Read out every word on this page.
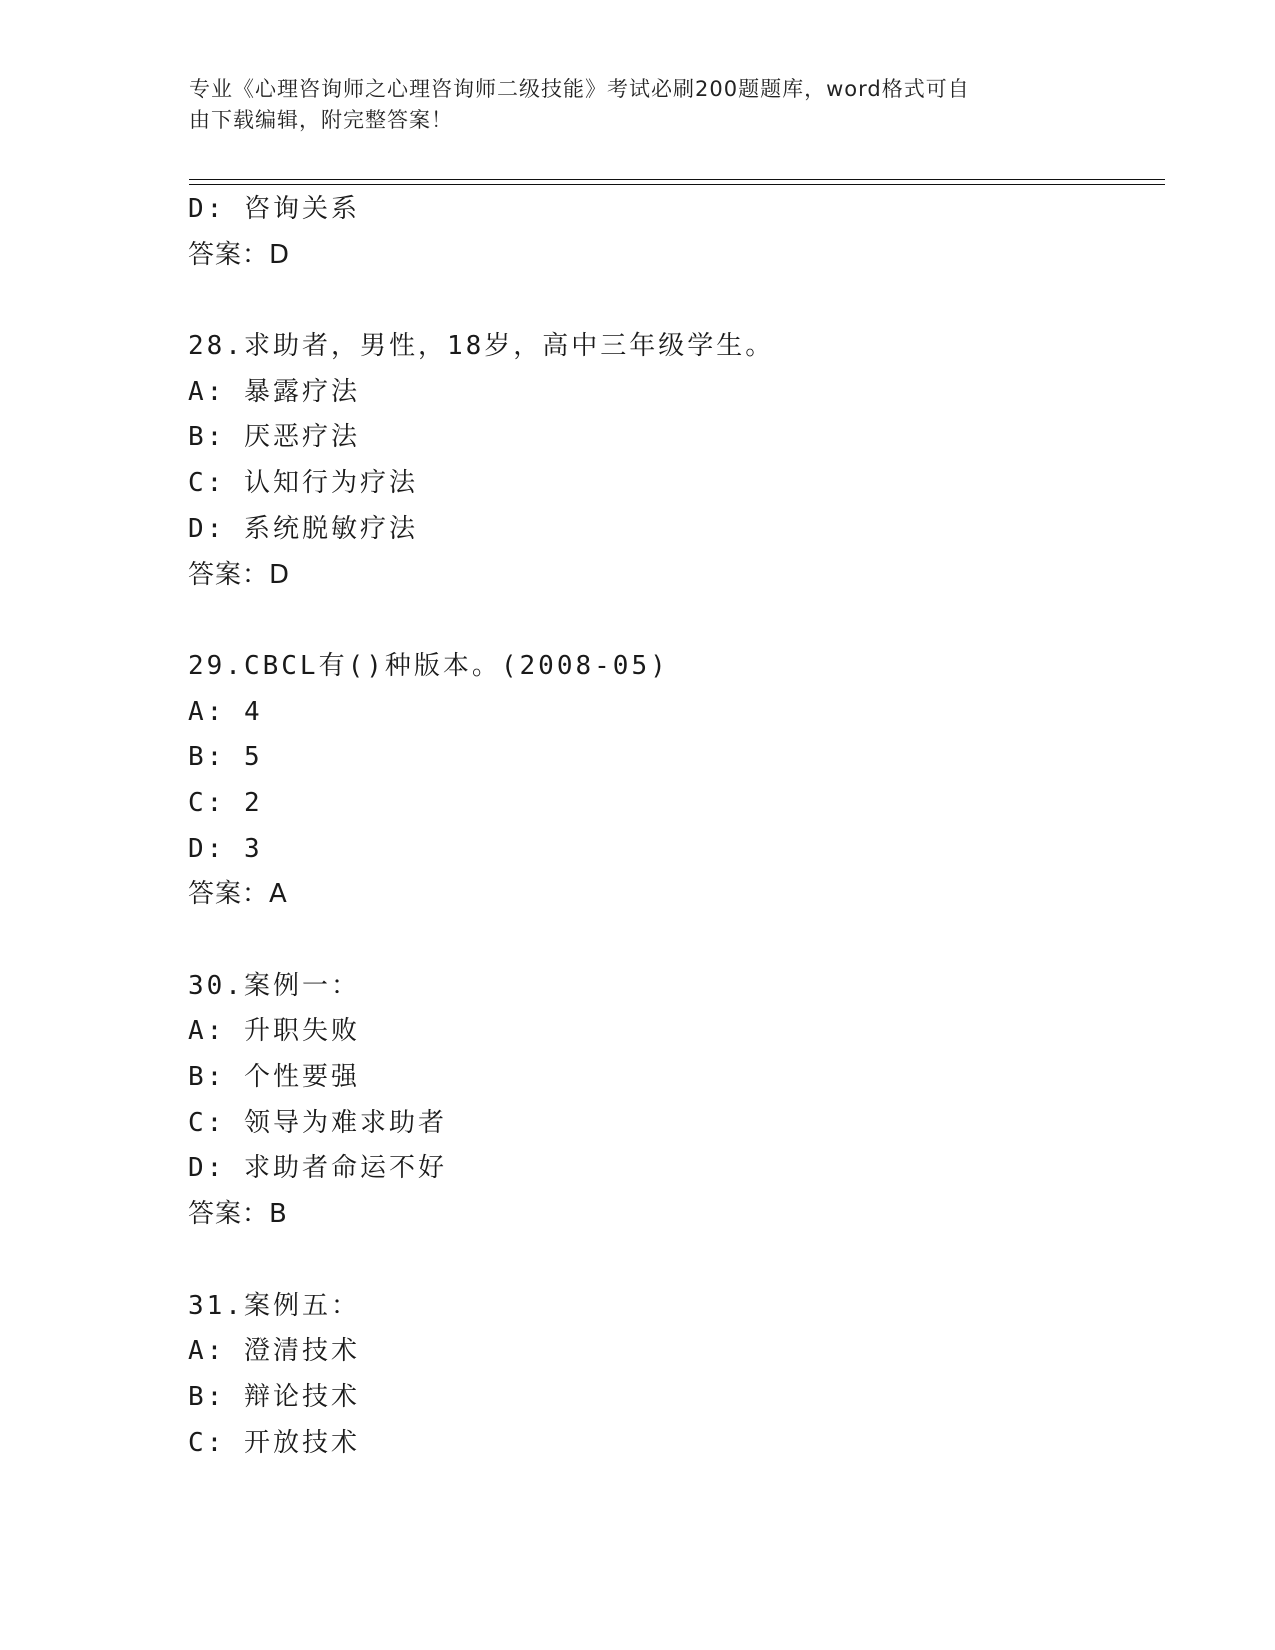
专业《心理咨询师之心理咨询师二级技能》考试必刷200题题库，word格式可自
由下载编辑，附完整答案！
D: 咨询关系
答案：D
28.求助者，男性，18岁，高中三年级学生。
A: 暴露疗法
B: 厌恶疗法
C: 认知行为疗法
D: 系统脱敏疗法
答案：D
29.CBCL有()种版本。(2008-05)
A: 4
B: 5
C: 2
D: 3
答案：A
30.案例一：
A: 升职失败
B: 个性要强
C: 领导为难求助者
D: 求助者命运不好
答案：B
31.案例五：
A: 澄清技术
B: 辩论技术
C: 开放技术
